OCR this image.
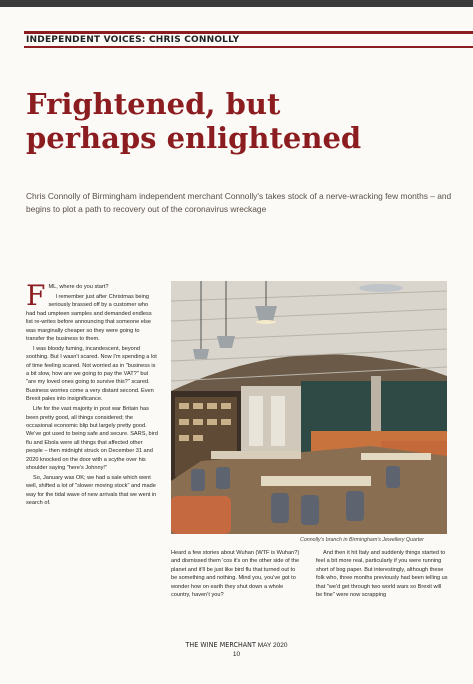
INDEPENDENT VOICES: CHRIS CONNOLLY
Frightened, but
perhaps enlightened
Chris Connolly of Birmingham independent merchant Connolly's takes stock of a nerve-wracking few months – and begins to plot a path to recovery out of the coronavirus wreckage
F ML, where do you start?

I remember just after Christmas being seriously brassed off by a customer who had had umpteen samples and demanded endless list re-writes before announcing that someone else was marginally cheaper so they were going to transfer the business to them.

I was bloody fuming, incandescent, beyond soothing. But I wasn't scared. Now I'm spending a lot of time feeling scared. Not worried as in "business is a bit slow, how are we going to pay the VAT?" but "are my loved ones going to survive this?" scared. Business worries come a very distant second. Even Brexit pales into insignificance.

Life for the vast majority in post war Britain has been pretty good, all things considered; the occasional economic blip but largely pretty good. We've got used to being safe and secure. SARS, bird flu and Ebola were all things that affected other people – then midnight struck on December 31 and 2020 knocked on the door with a scythe over his shoulder saying "here's Johnny!"

So, January was OK; we had a sale which went well, shifted a lot of "slower moving stock" and made way for the tidal wave of new arrivals that we went in search of.

Connolly's branch in Birmingham's Jewellery Quarter

Heard a few stories about Wuhan (WTF is Wuhan?) and dismissed them 'cos it's on the other side of the planet and it'll be just like bird flu that turned out to be something and nothing. Mind you, you've got to wonder how on earth they shut down a whole country, haven't you?

And then it hit Italy and suddenly things started to feel a bit more real, particularly if you were running short of bog paper. But interestingly, although these folk who, three months previously had been telling us that "we'd get through two world wars so Brexit will be fine" were now scrapping

THE WINE MERCHANT MAY 2020
10
